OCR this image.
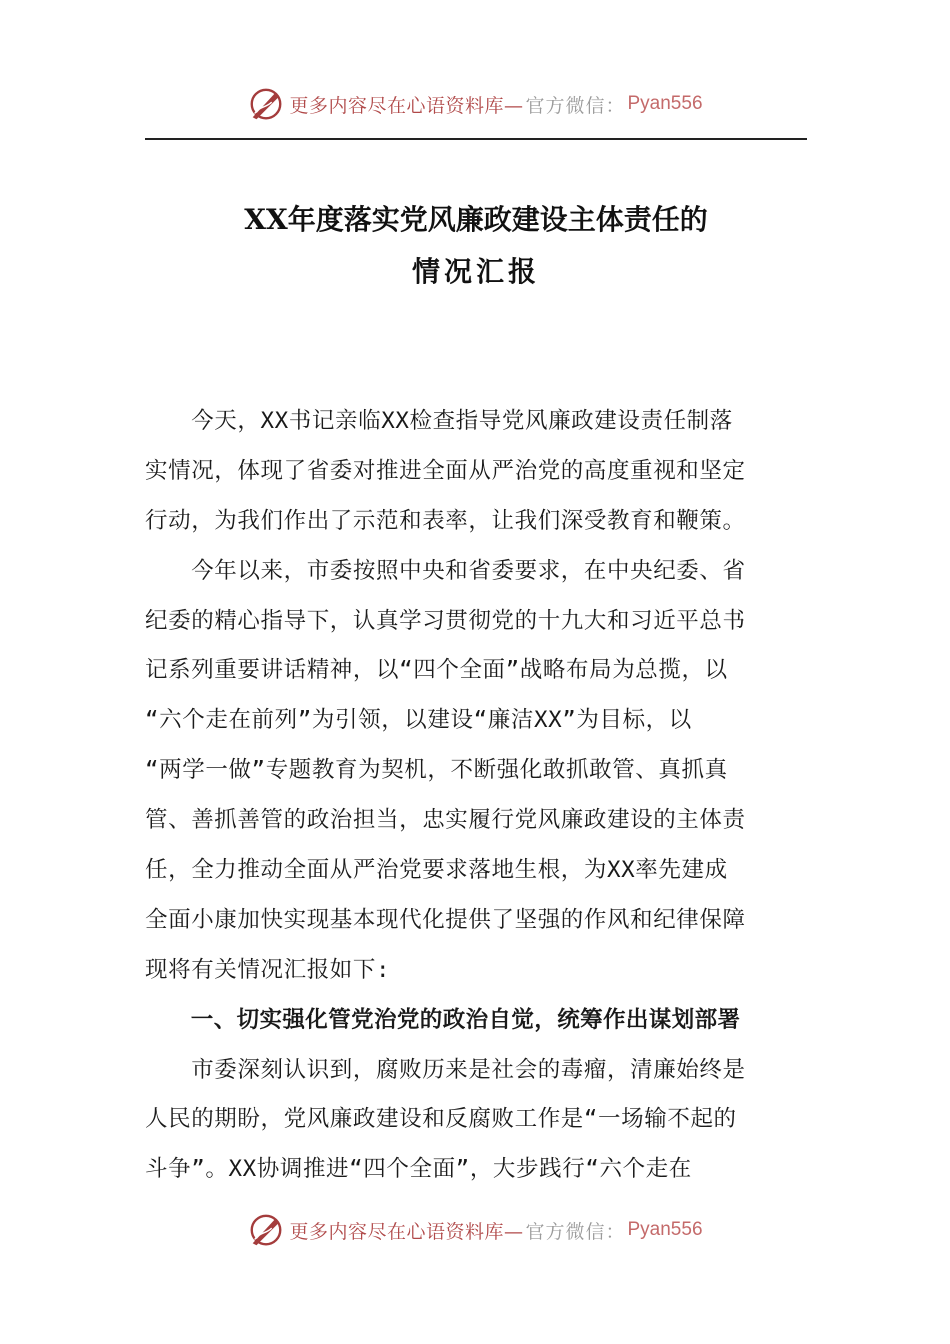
更多内容尽在心语资料库— 官方微信： Pyan556
XX年度落实党风廉政建设主体责任的
情况汇报
　　今天，XX书记亲临XX检查指导党风廉政建设责任制落
实情况，体现了省委对推进全面从严治党的高度重视和坚定
行动，为我们作出了示范和表率，让我们深受教育和鞭策。
　　今年以来，市委按照中央和省委要求，在中央纪委、省
纪委的精心指导下，认真学习贯彻党的十九大和习近平总书
记系列重要讲话精神，以“四个全面”战略布局为总揽，以
“六个走在前列”为引领，以建设“廉洁XX”为目标，以
“两学一做”专题教育为契机，不断强化敢抓敢管、真抓真
管、善抓善管的政治担当，忠实履行党风廉政建设的主体责
任，全力推动全面从严治党要求落地生根，为XX率先建成
全面小康加快实现基本现代化提供了坚强的作风和纪律保障
现将有关情况汇报如下:
　　一、切实强化管党治党的政治自觉，统筹作出谋划部署
　　市委深刻认识到，腐败历来是社会的毒瘤，清廉始终是
人民的期盼，党风廉政建设和反腐败工作是“一场输不起的
斗争”。XX协调推进“四个全面”，大步践行“六个走在
更多内容尽在心语资料库— 官方微信： Pyan556
